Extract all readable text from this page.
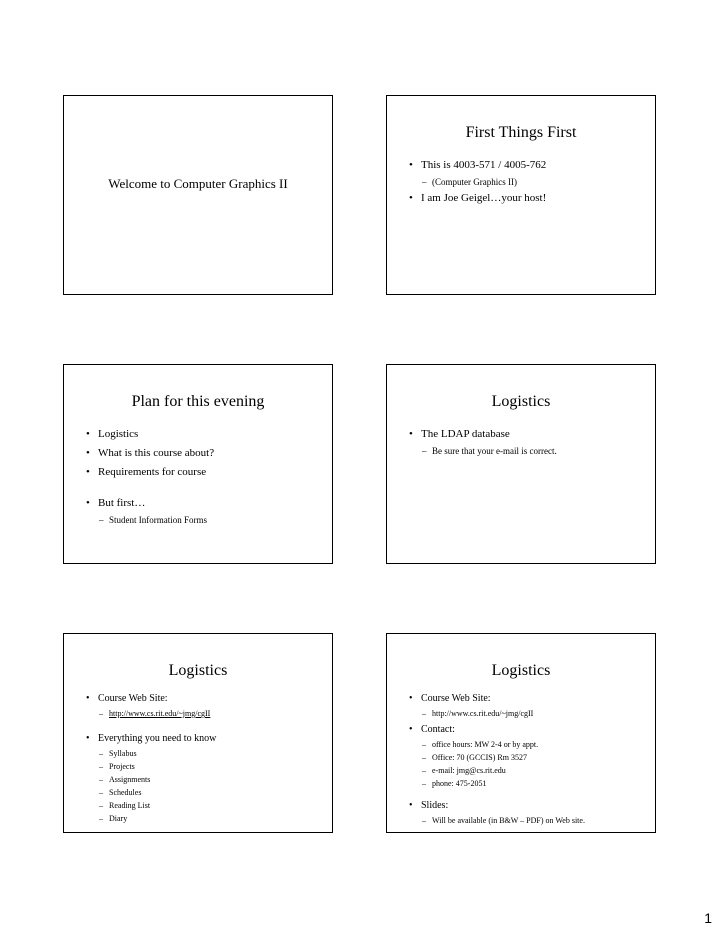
Welcome to Computer Graphics II
First Things First
• This is 4003-571 / 4005-762
– (Computer Graphics II)
• I am Joe Geigel…your host!
Plan for this evening
• Logistics
• What is this course about?
• Requirements for course
• But first…
– Student Information Forms
Logistics
• The LDAP database
– Be sure that your e-mail is correct.
Logistics
• Course Web Site:
– http://www.cs.rit.edu/~jmg/cgII
• Everything you need to know
– Syllabus
– Projects
– Assignments
– Schedules
– Reading List
– Diary
Logistics
• Course Web Site:
– http://www.cs.rit.edu/~jmg/cgII
• Contact:
– office hours: MW 2-4 or by appt.
– Office: 70 (GCCIS) Rm 3527
– e-mail: jmg@cs.rit.edu
– phone: 475-2051
• Slides:
– Will be available (in B&W – PDF) on Web site.
1
